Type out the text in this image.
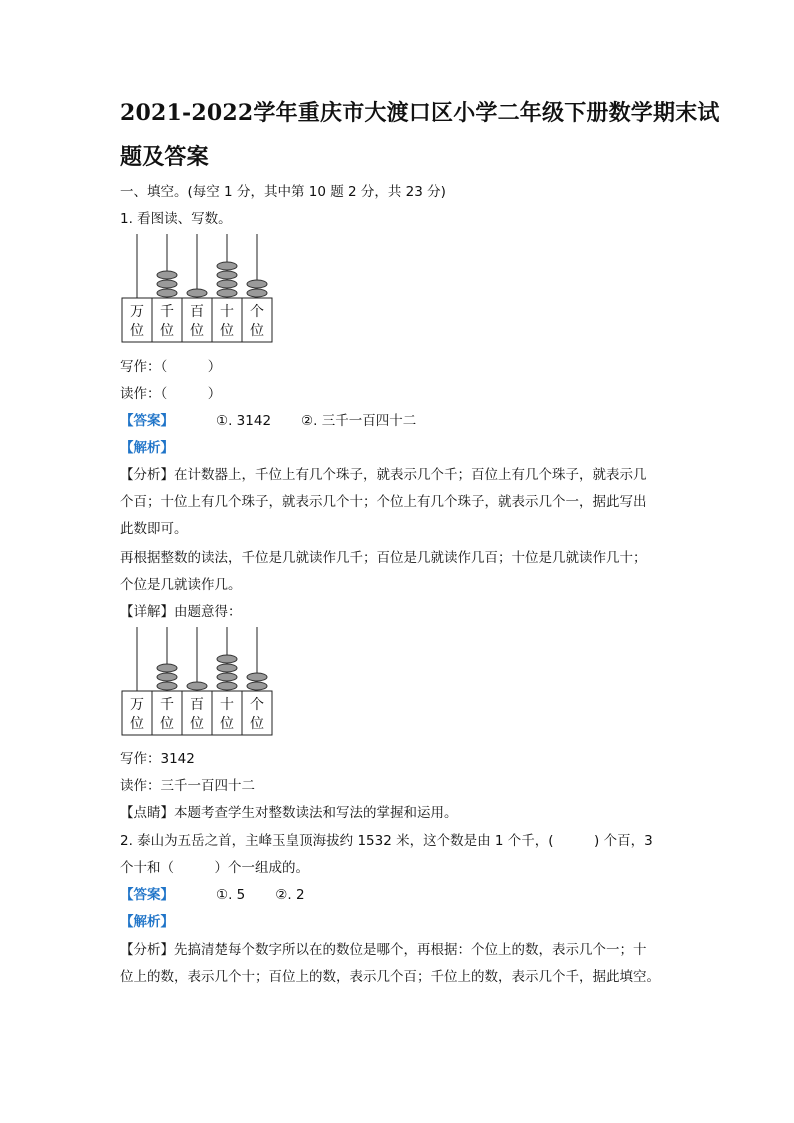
2021-2022学年重庆市大渡口区小学二年级下册数学期末试
题及答案
一、填空。(每空 1 分，其中第 10 题 2 分，共 23 分)
1. 看图读、写数。
万
位
千
位
百
位
十
位
个
位
写作：（　　　）
读作：（　　　）
【答案】	①. 3142 ②. 三千一百四十二
【解析】
【分析】在计数器上，千位上有几个珠子，就表示几个千；百位上有几个珠子，就表示几
个百；十位上有几个珠子，就表示几个十；个位上有几个珠子，就表示几个一，据此写出
此数即可。
再根据整数的读法，千位是几就读作几千；百位是几就读作几百；十位是几就读作几十；
个位是几就读作几。
【详解】由题意得：
万
位
千
位
百
位
十
位
个
位
写作：3142
读作：三千一百四十二
【点睛】本题考查学生对整数读法和写法的掌握和运用。
2. 泰山为五岳之首，主峰玉皇顶海拔约 1532 米，这个数是由 1 个千，(　　　) 个百，3
个十和（　　　）个一组成的。
【答案】	①. 5 ②. 2
【解析】
【分析】先搞清楚每个数字所以在的数位是哪个，再根据：个位上的数，表示几个一；十
位上的数，表示几个十；百位上的数，表示几个百；千位上的数，表示几个千，据此填空。
